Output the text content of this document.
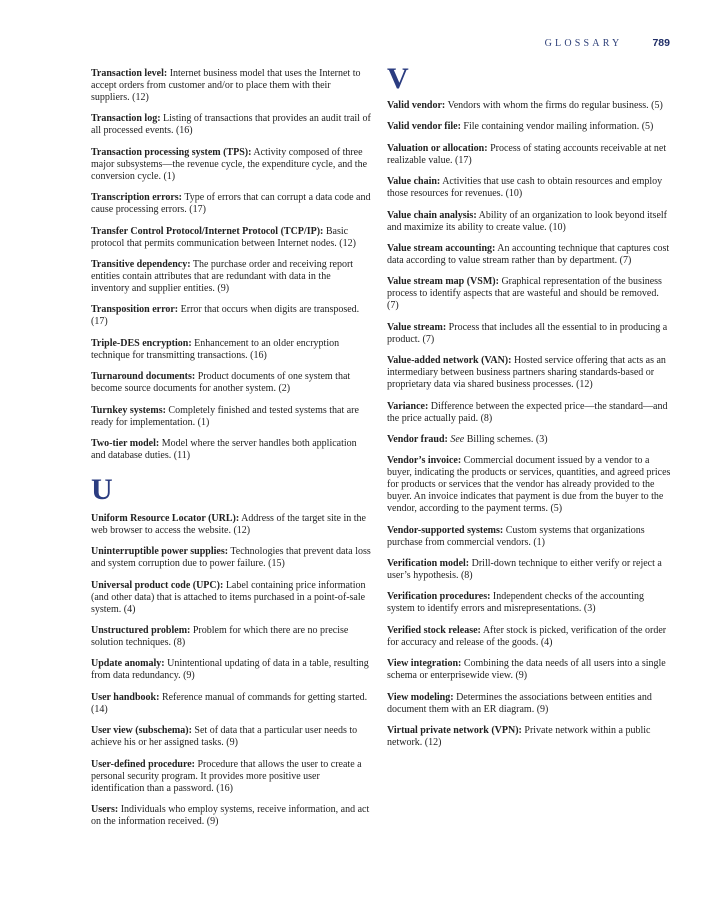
GLOSSARY	789
Transaction level: Internet business model that uses the Internet to accept orders from customer and/or to place them with their suppliers. (12)
Transaction log: Listing of transactions that provides an audit trail of all processed events. (16)
Transaction processing system (TPS): Activity composed of three major subsystems—the revenue cycle, the expenditure cycle, and the conversion cycle. (1)
Transcription errors: Type of errors that can corrupt a data code and cause processing errors. (17)
Transfer Control Protocol/Internet Protocol (TCP/IP): Basic protocol that permits communication between Internet nodes. (12)
Transitive dependency: The purchase order and receiving report entities contain attributes that are redundant with data in the inventory and supplier entities. (9)
Transposition error: Error that occurs when digits are transposed. (17)
Triple-DES encryption: Enhancement to an older encryption technique for transmitting transactions. (16)
Turnaround documents: Product documents of one system that become source documents for another system. (2)
Turnkey systems: Completely finished and tested systems that are ready for implementation. (1)
Two-tier model: Model where the server handles both application and database duties. (11)
U
Uniform Resource Locator (URL): Address of the target site in the web browser to access the website. (12)
Uninterruptible power supplies: Technologies that prevent data loss and system corruption due to power failure. (15)
Universal product code (UPC): Label containing price information (and other data) that is attached to items purchased in a point-of-sale system. (4)
Unstructured problem: Problem for which there are no precise solution techniques. (8)
Update anomaly: Unintentional updating of data in a table, resulting from data redundancy. (9)
User handbook: Reference manual of commands for getting started. (14)
User view (subschema): Set of data that a particular user needs to achieve his or her assigned tasks. (9)
User-defined procedure: Procedure that allows the user to create a personal security program. It provides more positive user identification than a password. (16)
Users: Individuals who employ systems, receive information, and act on the information received. (9)
V
Valid vendor: Vendors with whom the firms do regular business. (5)
Valid vendor file: File containing vendor mailing information. (5)
Valuation or allocation: Process of stating accounts receivable at net realizable value. (17)
Value chain: Activities that use cash to obtain resources and employ those resources for revenues. (10)
Value chain analysis: Ability of an organization to look beyond itself and maximize its ability to create value. (10)
Value stream accounting: An accounting technique that captures cost data according to value stream rather than by department. (7)
Value stream map (VSM): Graphical representation of the business process to identify aspects that are wasteful and should be removed. (7)
Value stream: Process that includes all the essential to in producing a product. (7)
Value-added network (VAN): Hosted service offering that acts as an intermediary between business partners sharing standards-based or proprietary data via shared business processes. (12)
Variance: Difference between the expected price—the standard—and the price actually paid. (8)
Vendor fraud: See Billing schemes. (3)
Vendor’s invoice: Commercial document issued by a vendor to a buyer, indicating the products or services, quantities, and agreed prices for products or services that the vendor has already provided to the buyer. An invoice indicates that payment is due from the buyer to the vendor, according to the payment terms. (5)
Vendor-supported systems: Custom systems that organizations purchase from commercial vendors. (1)
Verification model: Drill-down technique to either verify or reject a user’s hypothesis. (8)
Verification procedures: Independent checks of the accounting system to identify errors and misrepresentations. (3)
Verified stock release: After stock is picked, verification of the order for accuracy and release of the goods. (4)
View integration: Combining the data needs of all users into a single schema or enterprisewide view. (9)
View modeling: Determines the associations between entities and document them with an ER diagram. (9)
Virtual private network (VPN): Private network within a public network. (12)
